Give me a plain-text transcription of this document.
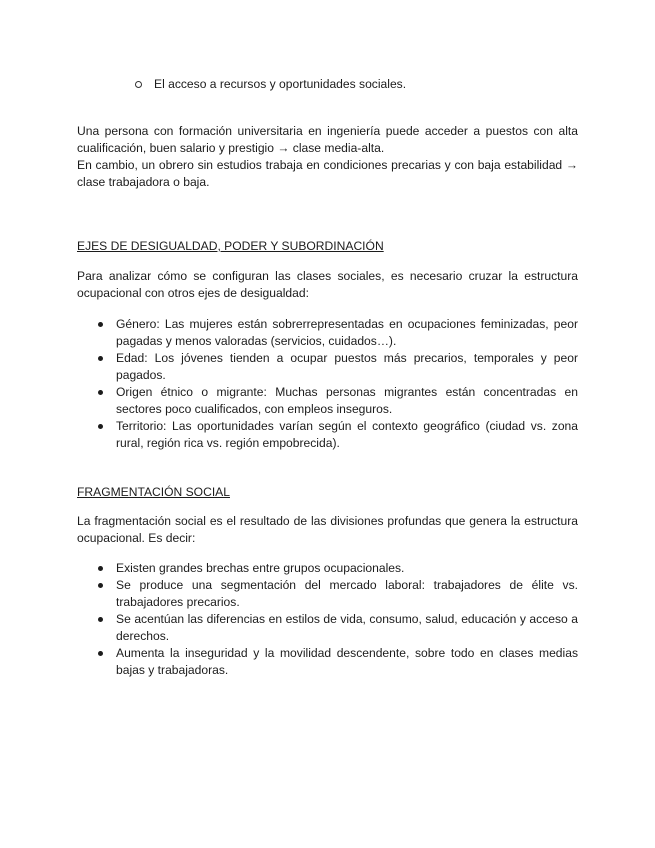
El acceso a recursos y oportunidades sociales.

Una persona con formación universitaria en ingeniería puede acceder a puestos con alta cualificación, buen salario y prestigio → clase media-alta.

En cambio, un obrero sin estudios trabaja en condiciones precarias y con baja estabilidad → clase trabajadora o baja.

EJES DE DESIGUALDAD, PODER Y SUBORDINACIÓN

Para analizar cómo se configuran las clases sociales, es necesario cruzar la estructura ocupacional con otros ejes de desigualdad:

Género: Las mujeres están sobrerrepresentadas en ocupaciones feminizadas, peor pagadas y menos valoradas (servicios, cuidados…).
Edad: Los jóvenes tienden a ocupar puestos más precarios, temporales y peor pagados.
Origen étnico o migrante: Muchas personas migrantes están concentradas en sectores poco cualificados, con empleos inseguros.
Territorio: Las oportunidades varían según el contexto geográfico (ciudad vs. zona rural, región rica vs. región empobrecida).
FRAGMENTACIÓN SOCIAL

La fragmentación social es el resultado de las divisiones profundas que genera la estructura ocupacional. Es decir:

Existen grandes brechas entre grupos ocupacionales.
Se produce una segmentación del mercado laboral: trabajadores de élite vs. trabajadores precarios.
Se acentúan las diferencias en estilos de vida, consumo, salud, educación y acceso a derechos.
Aumenta la inseguridad y la movilidad descendente, sobre todo en clases medias bajas y trabajadoras.
